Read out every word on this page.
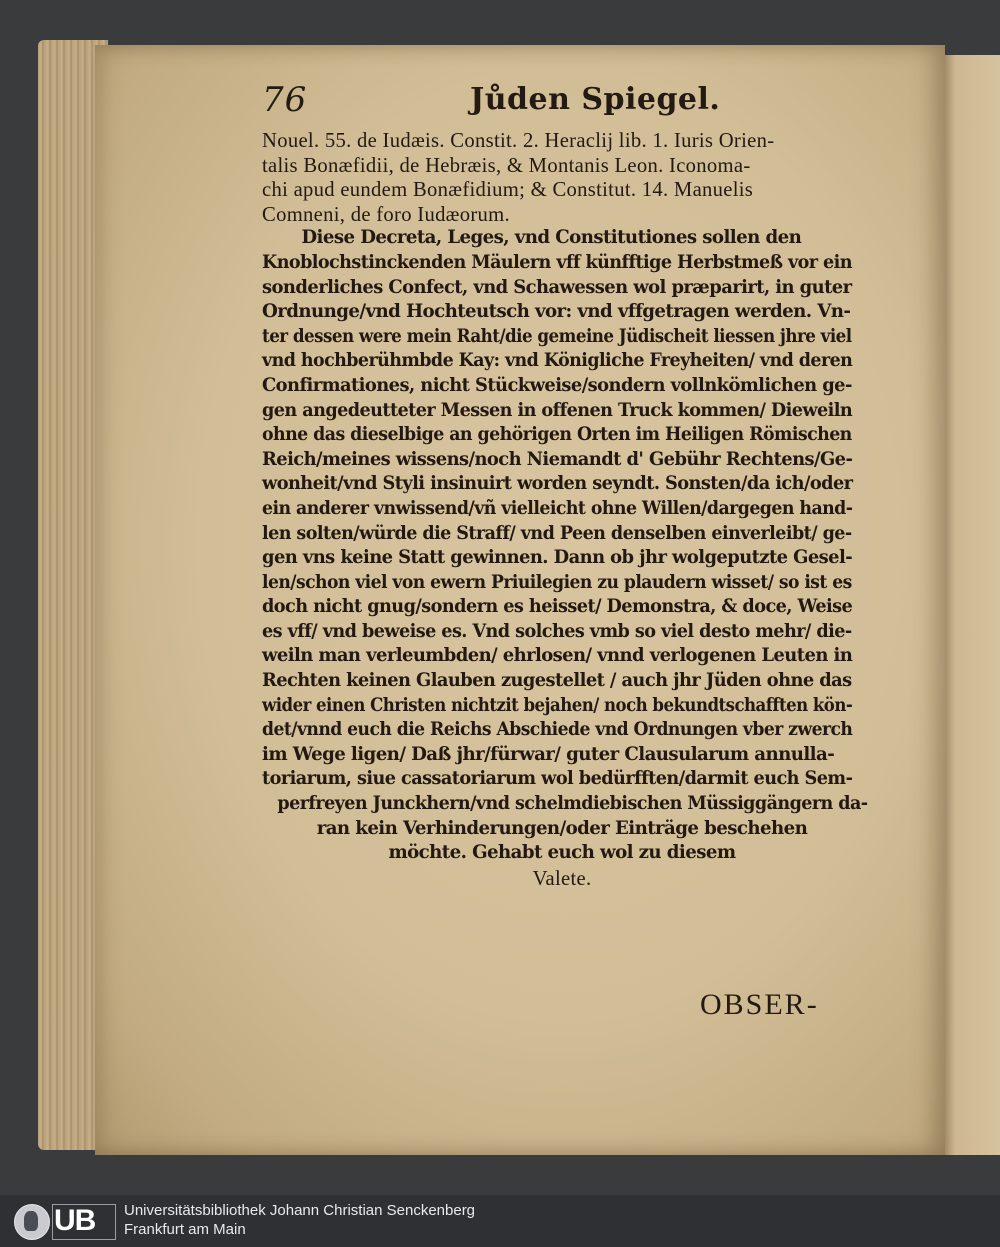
76	Jůden Spiegel.
Nouel. 55. de Iudæis. Constit. 2. Heraclij lib. 1. Iuris Orien-
talis Bonæfidii, de Hebræis, & Montanis Leon. Iconoma-
chi apud eundem Bonæfidium; & Constitut. 14. Manuelis
Comneni, de foro Iudæorum.
Diese Decreta, Leges, vnd Constitutiones sollen den
Knoblochstinckenden Mäulern vff künfftige Herbstmeß vor ein
sonderliches Confect, vnd Schawessen wol præparirt, in guter
Ordnunge/vnd Hochteutsch vor: vnd vffgetragen werden. Vn-
ter dessen were mein Raht/die gemeine Jüdischeit liessen jhre viel
vnd hochberühmbde Kay: vnd Königliche Freyheiten/ vnd deren
Confirmationes, nicht Stückweise/sondern vollnkömlichen ge-
gen angedeutteter Messen in offenen Truck kommen/ Dieweiln
ohne das dieselbige an gehörigen Orten im Heiligen Römischen
Reich/meines wissens/noch Niemandt d' Gebühr Rechtens/Ge-
wonheit/vnd Styli insinuirt worden seyndt. Sonsten/da ich/oder
ein anderer vnwissend/vñ vielleicht ohne Willen/dargegen hand-
len solten/würde die Straff/ vnd Peen denselben einverleibt/ ge-
gen vns keine Statt gewinnen. Dann ob jhr wolgeputzte Gesel-
len/schon viel von ewern Priuilegien zu plaudern wisset/ so ist es
doch nicht gnug/sondern es heisset/ Demonstra, & doce, Weise
es vff/ vnd beweise es. Vnd solches vmb so viel desto mehr/ die-
weiln man verleumbden/ ehrlosen/ vnnd verlogenen Leuten in
Rechten keinen Glauben zugestellet / auch jhr Jüden ohne das
wider einen Christen nichtzit bejahen/ noch bekundtschafften kön-
det/vnnd euch die Reichs Abschiede vnd Ordnungen vber zwerch
im Wege ligen/ Daß jhr/fürwar/ guter Clausularum annulla-
toriarum, siue cassatoriarum wol bedürfften/darmit euch Sem-
perfreyen Junckhern/vnd schelmdiebischen Müssiggängern da-
ran kein Verhinderungen/oder Einträge beschehen
möchte. Gehabt euch wol zu diesem
Valete.
OBSER-
UB Universitätsbibliothek Johann Christian Senckenberg
Frankfurt am Main
